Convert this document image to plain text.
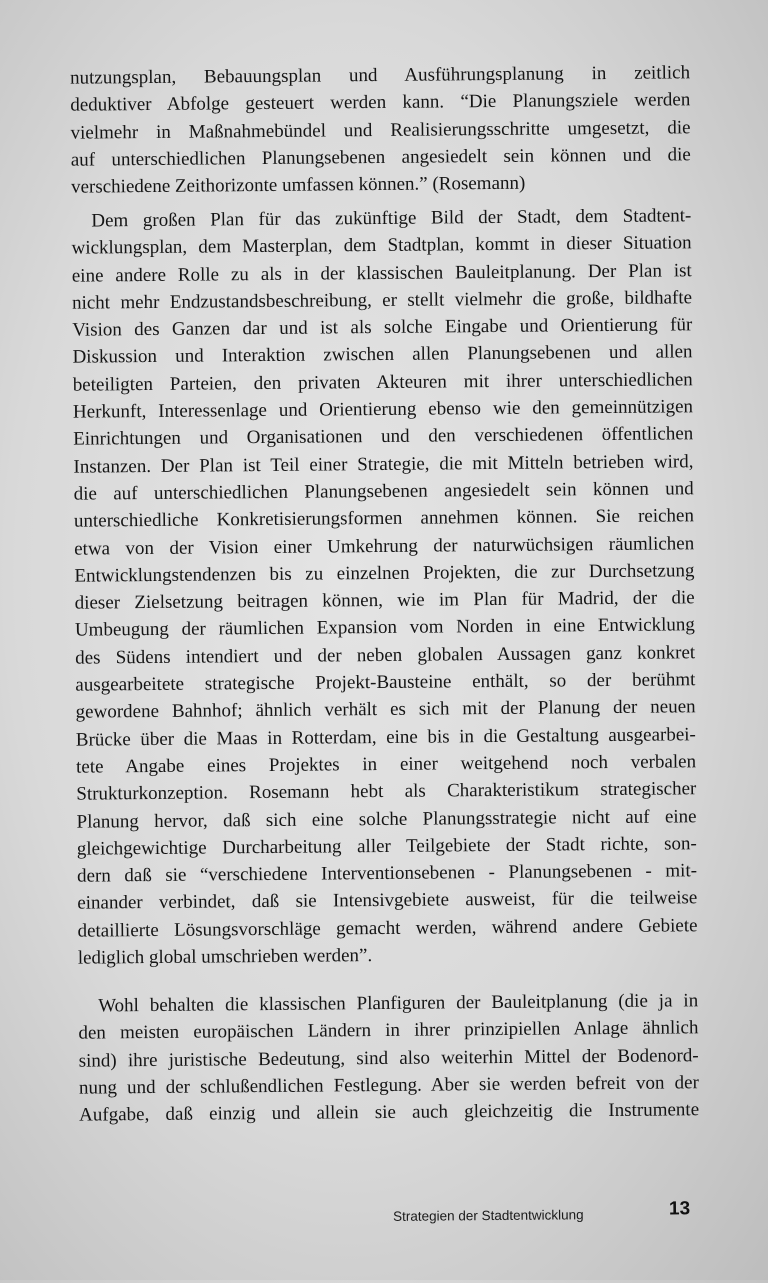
nutzungsplan, Bebauungsplan und Ausführungsplanung in zeitlich
deduktiver Abfolge gesteuert werden kann. “Die Planungsziele werden
vielmehr in Maßnahmebündel und Realisierungsschritte umgesetzt, die
auf unterschiedlichen Planungsebenen angesiedelt sein können und die
verschiedene Zeithorizonte umfassen können.” (Rosemann)
Dem großen Plan für das zukünftige Bild der Stadt, dem Stadtent-
wicklungsplan, dem Masterplan, dem Stadtplan, kommt in dieser Situation
eine andere Rolle zu als in der klassischen Bauleitplanung. Der Plan ist
nicht mehr Endzustandsbeschreibung, er stellt vielmehr die große, bildhafte
Vision des Ganzen dar und ist als solche Eingabe und Orientierung für
Diskussion und Interaktion zwischen allen Planungsebenen und allen
beteiligten Parteien, den privaten Akteuren mit ihrer unterschiedlichen
Herkunft, Interessenlage und Orientierung ebenso wie den gemeinnützigen
Einrichtungen und Organisationen und den verschiedenen öffentlichen
Instanzen. Der Plan ist Teil einer Strategie, die mit Mitteln betrieben wird,
die auf unterschiedlichen Planungsebenen angesiedelt sein können und
unterschiedliche Konkretisierungsformen annehmen können. Sie reichen
etwa von der Vision einer Umkehrung der naturwüchsigen räumlichen
Entwicklungstendenzen bis zu einzelnen Projekten, die zur Durchsetzung
dieser Zielsetzung beitragen können, wie im Plan für Madrid, der die
Umbeugung der räumlichen Expansion vom Norden in eine Entwicklung
des Südens intendiert und der neben globalen Aussagen ganz konkret
ausgearbeitete strategische Projekt-Bausteine enthält, so der berühmt
gewordene Bahnhof; ähnlich verhält es sich mit der Planung der neuen
Brücke über die Maas in Rotterdam, eine bis in die Gestaltung ausgearbei-
tete Angabe eines Projektes in einer weitgehend noch verbalen
Strukturkonzeption. Rosemann hebt als Charakteristikum strategischer
Planung hervor, daß sich eine solche Planungsstrategie nicht auf eine
gleichgewichtige Durcharbeitung aller Teilgebiete der Stadt richte, son-
dern daß sie “verschiedene Interventionsebenen - Planungsebenen - mit-
einander verbindet, daß sie Intensivgebiete ausweist, für die teilweise
detaillierte Lösungsvorschläge gemacht werden, während andere Gebiete
lediglich global umschrieben werden”.
Wohl behalten die klassischen Planfiguren der Bauleitplanung (die ja in
den meisten europäischen Ländern in ihrer prinzipiellen Anlage ähnlich
sind) ihre juristische Bedeutung, sind also weiterhin Mittel der Bodenord-
nung und der schlußendlichen Festlegung. Aber sie werden befreit von der
Aufgabe, daß einzig und allein sie auch gleichzeitig die Instrumente
Strategien der Stadtentwicklung	13
